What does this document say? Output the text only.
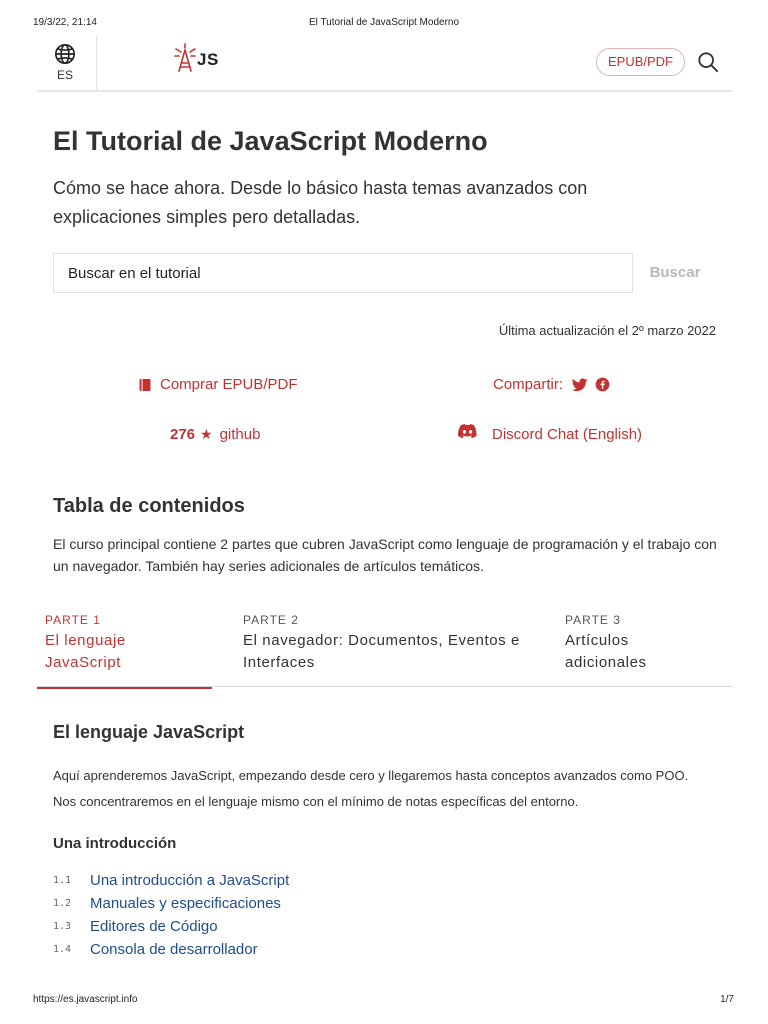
19/3/22, 21:14	El Tutorial de JavaScript Moderno
ES
JS	EPUB/PDF
El Tutorial de JavaScript Moderno

Cómo se hace ahora. Desde lo básico hasta temas avanzados con explicaciones simples pero detalladas.

Buscar en el tutorial
Buscar
Última actualización el 2º marzo 2022
Comprar EPUB/PDF	Compartir:
276 ★ github	Discord Chat (English)
Tabla de contenidos

El curso principal contiene 2 partes que cubren JavaScript como lenguaje de programación y el trabajo con un navegador. También hay series adicionales de artículos temáticos.

PARTE 1
El lenguaje JavaScript
PARTE 2
El navegador: Documentos, Eventos e Interfaces
PARTE 3
Artículos adicionales
El lenguaje JavaScript

Aquí aprenderemos JavaScript, empezando desde cero y llegaremos hasta conceptos avanzados como POO.

Nos concentraremos en el lenguaje mismo con el mínimo de notas específicas del entorno.

Una introducción
1.1	Una introducción a JavaScript
1.2	Manuales y especificaciones
1.3	Editores de Código
1.4	Consola de desarrollador
https://es.javascript.info	1/7
